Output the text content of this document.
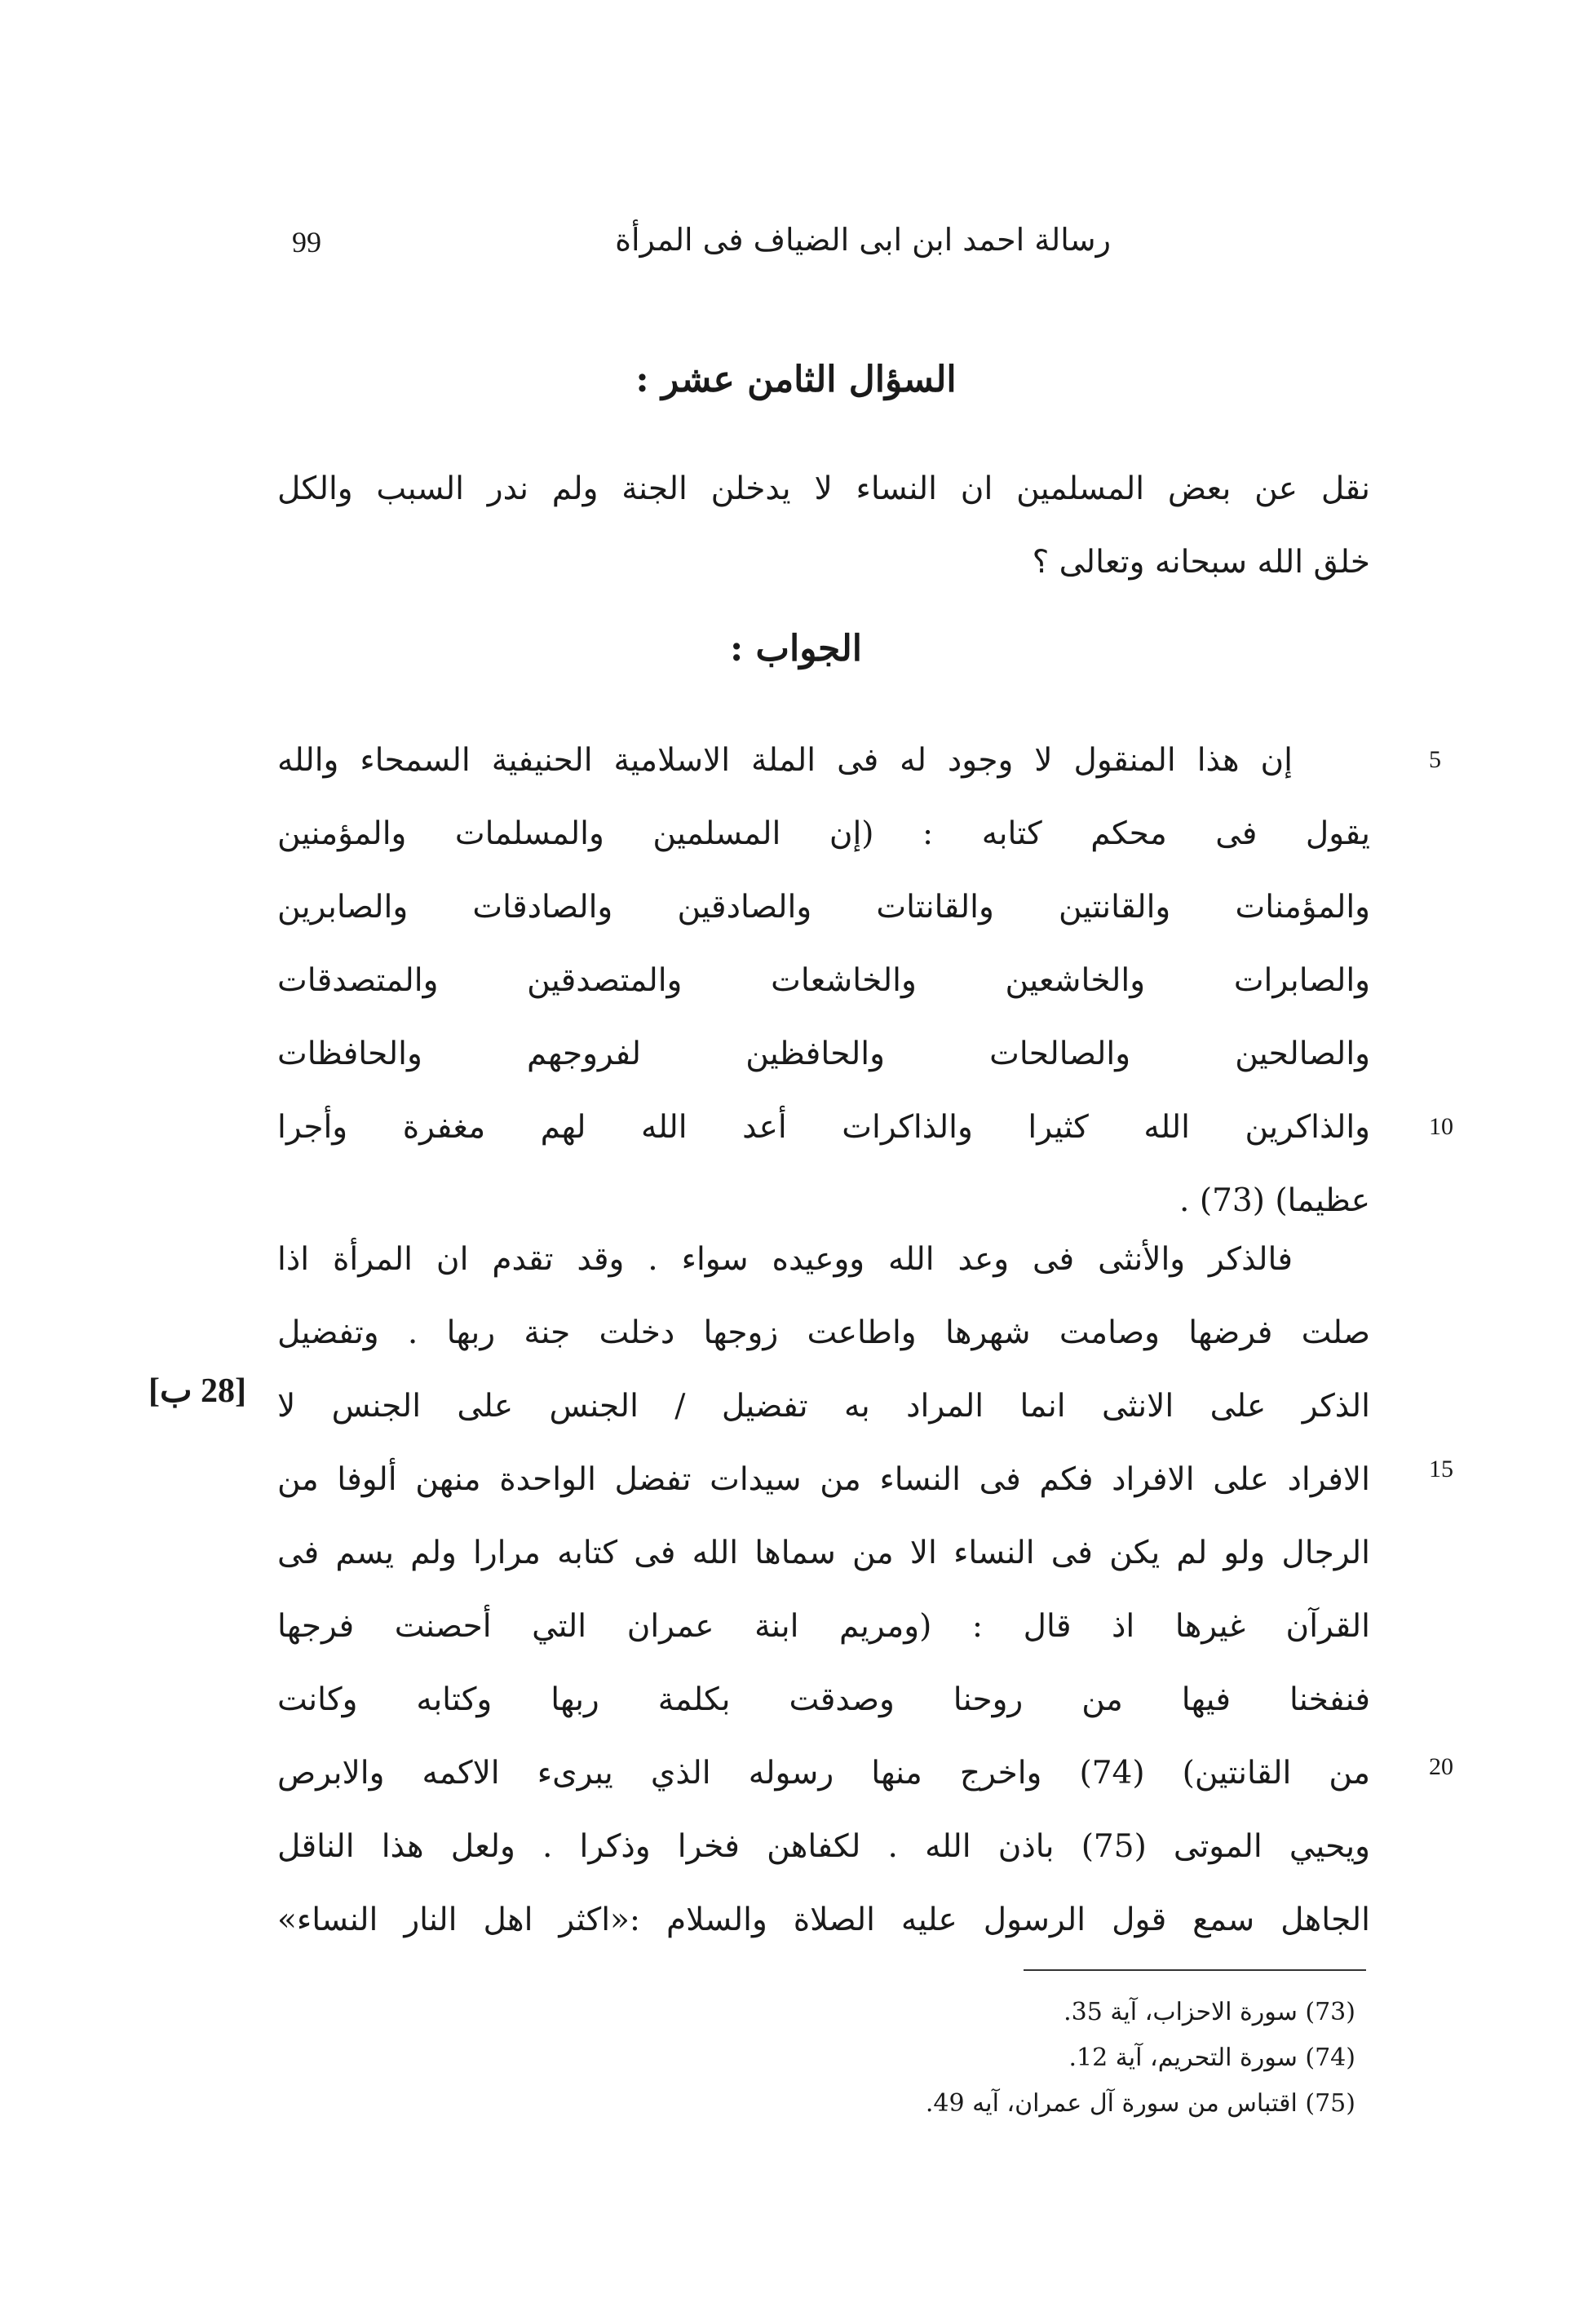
99	رسالة احمد ابن ابى الضياف فى المرأة
السؤال الثامن عشر :
نقل عن بعض المسلمين ان النساء لا يدخلن الجنة ولم ندر السبب والكل
خلق الله سبحانه وتعالى ؟
الجواب :
إن هذا المنقول لا وجود له فى الملة الاسلامية الحنيفية السمحاء والله
يقول فى محكم كتابه : (إن المسلمين والمسلمات والمؤمنين
والمؤمنات والقانتين والقانتات والصادقين والصادقات والصابرين
والصابرات والخاشعين والخاشعات والمتصدقين والمتصدقات
والصالحين والصالحات والحافظين لفروجهم والحافظات
والذاكرين الله كثيرا والذاكرات أعد الله لهم مغفرة وأجرا
عظيما) (73) .
فالذكر والأنثى فى وعد الله ووعيده سواء . وقد تقدم ان المرأة اذا
صلت فرضها وصامت شهرها واطاعت زوجها دخلت جنة ربها . وتفضيل
الذكر على الانثى انما المراد به تفضيل / الجنس على الجنس لا
الافراد على الافراد فكم فى النساء من سيدات تفضل الواحدة منهن ألوفا من
الرجال ولو لم يكن فى النساء الا من سماها الله فى كتابه مرارا ولم يسم فى
القرآن غيرها اذ قال : (ومريم ابنة عمران التي أحصنت فرجها
فنفخنا فيها من روحنا وصدقت بكلمة ربها وكتابه وكانت
من القانتين) (74) واخرج منها رسوله الذي يبرىء الاكمه والابرص
ويحيي الموتى (75) باذن الله . لكفاهن فخرا وذكرا . ولعل هذا الناقل
الجاهل سمع قول الرسول عليه الصلاة والسلام :«اكثر اهل النار النساء»
5
10
15
20
[28 ب]
(73) سورة الاحزاب، آية 35.
(74) سورة التحريم، آية 12.
(75) اقتباس من سورة آل عمران، آيه 49.
